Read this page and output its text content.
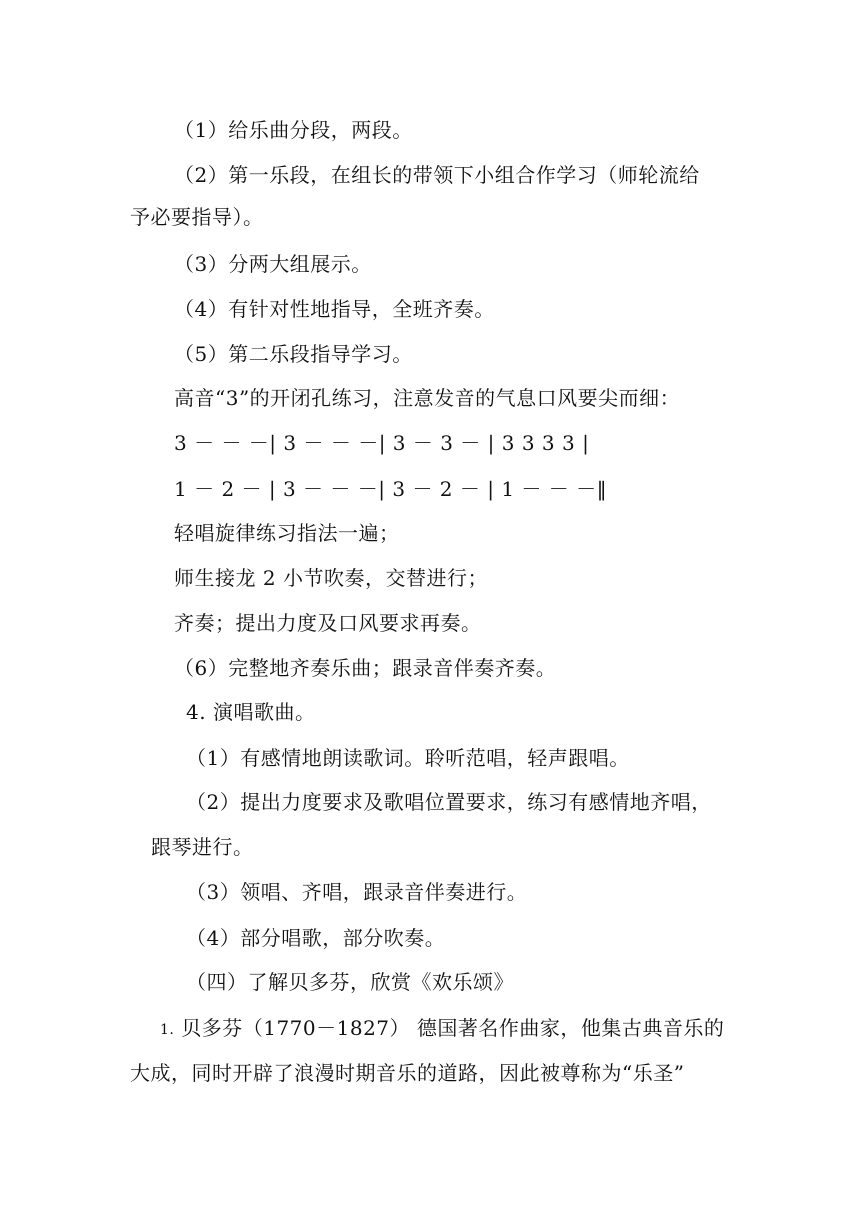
（1）给乐曲分段，两段。
（2）第一乐段，在组长的带领下小组合作学习（师轮流给
予必要指导）。
（3）分两大组展示。
（4）有针对性地指导，全班齐奏。
（5）第二乐段指导学习。
高音“3”的开闭孔练习，注意发音的气息口风要尖而细：
3 － － －| 3 － － －| 3 － 3 － | 3 3 3 3 |
1 － 2 － | 3 － － －| 3 － 2 － | 1 － － －‖
轻唱旋律练习指法一遍；
师生接龙 2 小节吹奏，交替进行；
齐奏；提出力度及口风要求再奏。
（6）完整地齐奏乐曲；跟录音伴奏齐奏。
4. 演唱歌曲。
（1）有感情地朗读歌词。聆听范唱，轻声跟唱。
（2）提出力度要求及歌唱位置要求，练习有感情地齐唱，
跟琴进行。
（3）领唱、齐唱，跟录音伴奏进行。
（4）部分唱歌，部分吹奏。
（四）了解贝多芬，欣赏《欢乐颂》
1. 贝多芬（1770－1827） 德国著名作曲家，他集古典音乐的
大成，同时开辟了浪漫时期音乐的道路，因此被尊称为“乐圣”
